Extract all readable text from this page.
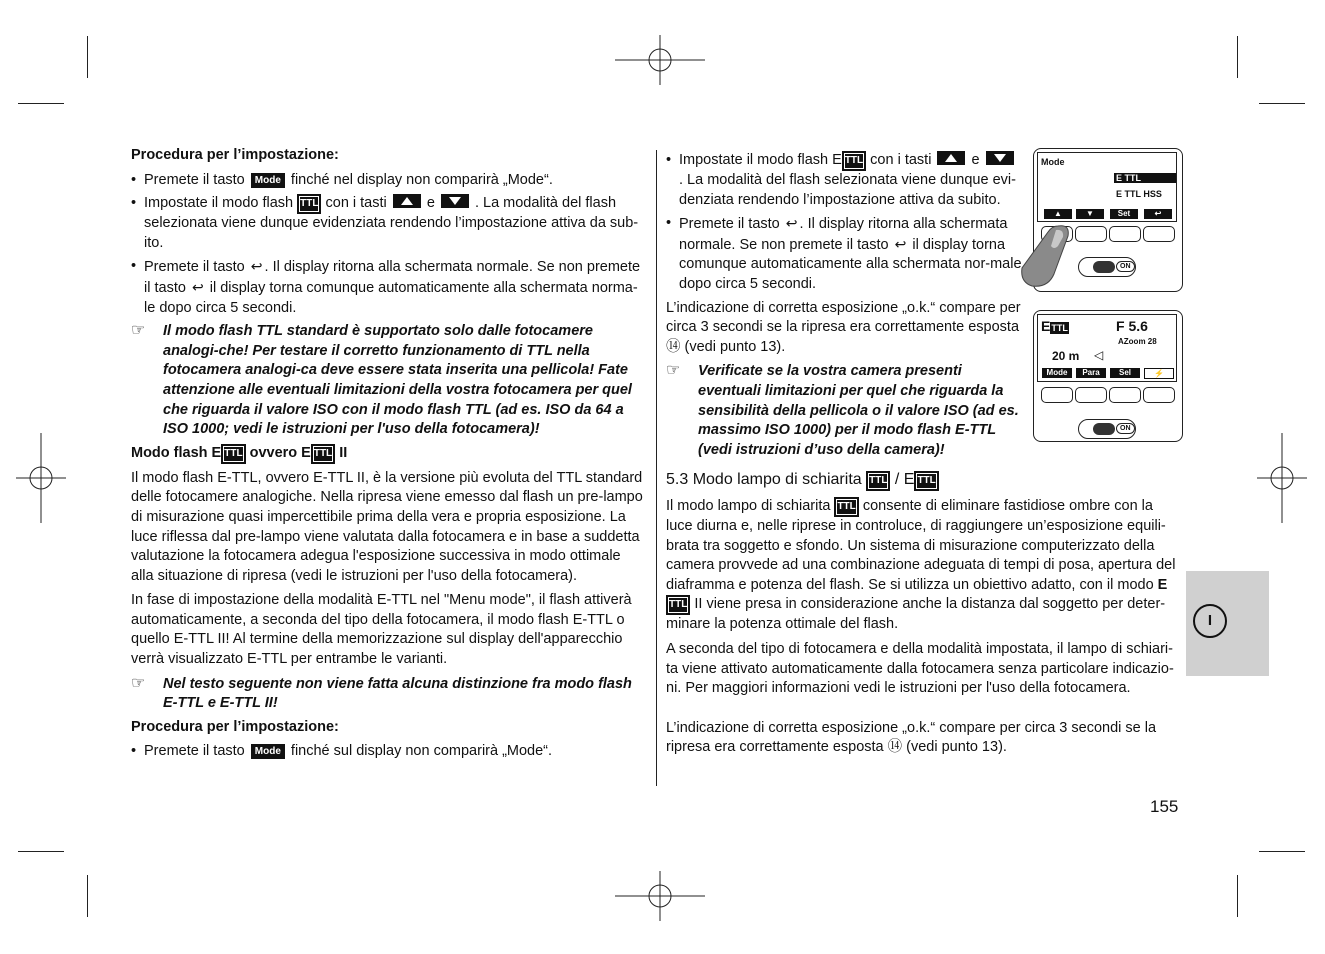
Procedura per l’impostazione:

• Premete il tasto Mode finché nel display non comparirà „Mode“.
• Impostate il modo flash TTL con i tasti	e	. La modalità del flash selezionata viene dunque evidenziata rendendo l’impostazione attiva da sub-ito.
• Premete il tasto ↩ . Il display ritorna alla schermata normale. Se non premete il tasto ↩ il display torna comunque automaticamente alla schermata norma-le dopo circa 5 secondi.
☞ Il modo flash TTL standard è supportato solo dalle fotocamere analogi-che! Per testare il corretto funzionamento di TTL nella fotocamera analogi-ca deve essere stata inserita una pellicola! Fate attenzione alle eventuali limitazioni della vostra fotocamera per quel che riguarda il valore ISO con il modo flash TTL (ad es. ISO da 64 a ISO 1000; vedi le istruzioni per l'uso della fotocamera)!

Modo flash E TTL ovvero E TTL II

Il modo flash E-TTL, ovvero E-TTL II, è la versione più evoluta del TTL standard delle fotocamere analogiche. Nella ripresa viene emesso dal flash un pre-lampo di misurazione quasi impercettibile prima della vera e propria esposizione. La luce riflessa dal pre-lampo viene valutata dalla fotocamera e in base a suddetta valutazione la fotocamera adegua l'esposizione successiva in modo ottimale alla situazione di ripresa (vedi le istruzioni per l'uso della fotocamera).

In fase di impostazione della modalità E-TTL nel "Menu mode", il flash attiverà automaticamente, a seconda del tipo della fotocamera, il modo flash E-TTL o quello E-TTL II! Al termine della memorizzazione sul display dell'apparecchio verrà visualizzato E-TTL per entrambe le varianti.

☞ Nel testo seguente non viene fatta alcuna distinzione fra modo flash E-TTL e E-TTL II!

Procedura per l’impostazione:

• Premete il tasto Mode finché sul display non comparirà „Mode“.
• Impostate il modo flash E TTL con i tasti	e  . La modalità del flash selezionata viene dunque evi-denziata rendendo l’impostazione attiva da subito.
• Premete il tasto ↩ . Il display ritorna alla schermata normale. Se non premete il tasto ↩ il display torna comunque automaticamente alla schermata nor-male dopo circa 5 secondi.

L’indicazione di corretta esposizione „o.k.“ compare per circa 3 secondi se la ripresa era correttamente esposta ⑭ (vedi punto 13).

☞ Verificate se la vostra camera presenti eventuali limitazioni per quel che riguarda la sensibilità della pellicola o il valore ISO (ad es. massimo ISO 1000) per il modo flash E-TTL (vedi istruzioni d’uso della camera)!
5.3 Modo lampo di schiarita TTL / E TTL

Il modo lampo di schiarita TTL consente di eliminare fastidiose ombre con la luce diurna e, nelle riprese in controluce, di raggiungere un’esposizione equili-brata tra soggetto e sfondo. Un sistema di misurazione computerizzato della camera provvede ad una combinazione adeguata di tempi di posa, apertura del diaframma e potenza del flash. Se si utilizza un obiettivo adatto, con il modo ETTL II viene presa in considerazione anche la distanza dal soggetto per deter-minare la potenza ottimale del flash.

A seconda del tipo di fotocamera e della modalità impostata, il lampo di schiari-ta viene attivato automaticamente dalla fotocamera senza particolare indicazio-ni. Per maggiori informazioni vedi le istruzioni per l'uso della fotocamera.

L’indicazione di corretta esposizione „o.k.“ compare per circa 3 secondi se la ripresa era correttamente esposta ⑭ (vedi punto 13).

Mode
E TTL
E TTL HSS
▲	▼	Set	↩
ON
ETTL	F 5.6
AZoom 28
20 m ◁
Mode	Para	Sel	⚡
ON
I
155
